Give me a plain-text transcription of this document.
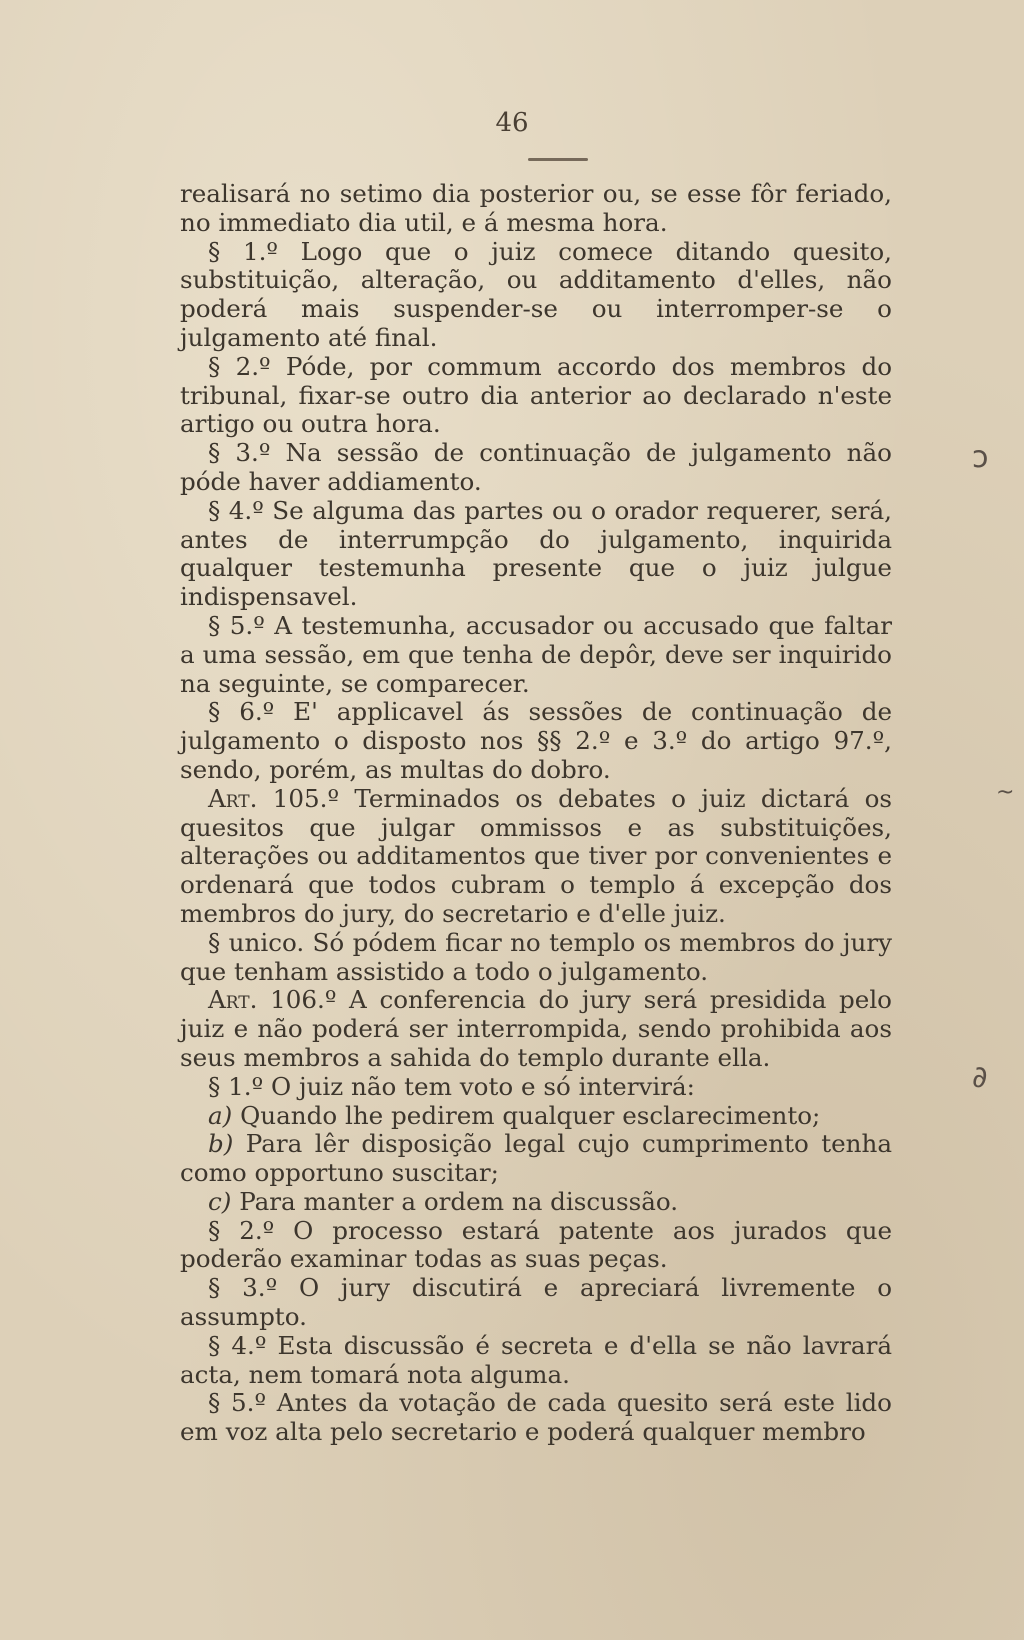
46

realisará no setimo dia posterior ou, se esse fôr feriado, no immediato dia util, e á mesma hora.

§ 1.º Logo que o juiz comece ditando quesito, substituição, alteração, ou additamento d'elles, não poderá mais suspender-se ou interromper-se o julgamento até final.

§ 2.º Póde, por commum accordo dos membros do tribunal, fixar-se outro dia anterior ao declarado n'este artigo ou outra hora.

§ 3.º Na sessão de continuação de julgamento não póde haver addiamento.

§ 4.º Se alguma das partes ou o orador requerer, será, antes de interrumpção do julgamento, inquirida qualquer testemunha presente que o juiz julgue indispensavel.

§ 5.º A testemunha, accusador ou accusado que faltar a uma sessão, em que tenha de depôr, deve ser inquirido na seguinte, se comparecer.

§ 6.º E' applicavel ás sessões de continuação de julgamento o disposto nos §§ 2.º e 3.º do artigo 97.º, sendo, porém, as multas do dobro.

Art. 105.º Terminados os debates o juiz dictará os quesitos que julgar ommissos e as substituições, alterações ou additamentos que tiver por convenientes e ordenará que todos cubram o templo á excepção dos membros do jury, do secretario e d'elle juiz.

§ unico. Só pódem ficar no templo os membros do jury que tenham assistido a todo o julgamento.

Art. 106.º A conferencia do jury será presidida pelo juiz e não poderá ser interrompida, sendo prohibida aos seus membros a sahida do templo durante ella.

§ 1.º O juiz não tem voto e só intervirá:

a) Quando lhe pedirem qualquer esclarecimento;

b) Para lêr disposição legal cujo cumprimento tenha como opportuno suscitar;

c) Para manter a ordem na discussão.

§ 2.º O processo estará patente aos jurados que poderão examinar todas as suas peças.

§ 3.º O jury discutirá e apreciará livremente o assumpto.

§ 4.º Esta discussão é secreta e d'ella se não lavrará acta, nem tomará nota alguma.

§ 5.º Antes da votação de cada quesito será este lido em voz alta pelo secretario e poderá qualquer membro

ↄ
∂
~
